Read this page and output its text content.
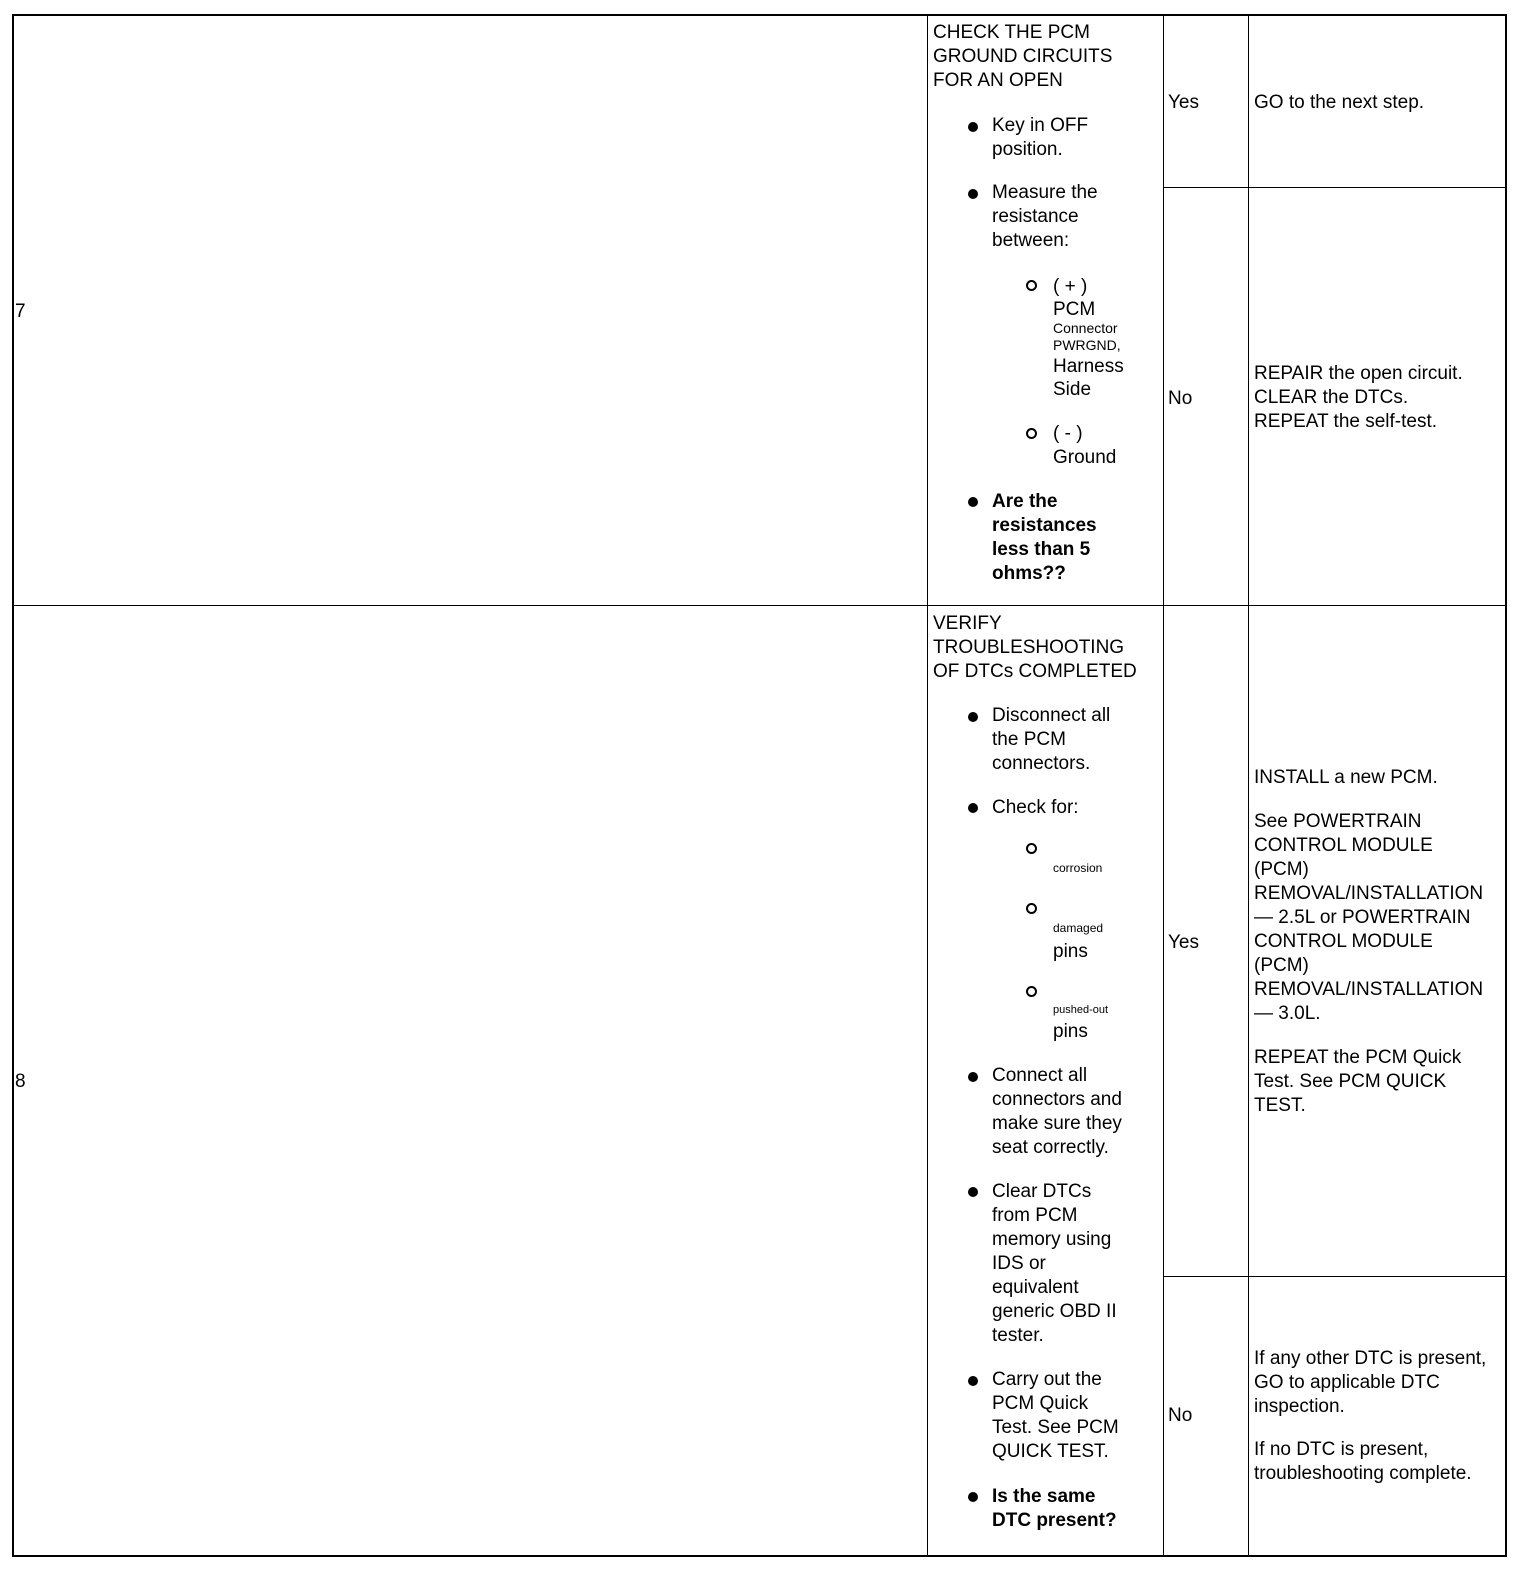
7
CHECK THE PCM
GROUND CIRCUITS
FOR AN OPEN
Key in OFF
position.
Measure the
resistance
between:
( + )
PCM
Connector
PWRGND,
Harness
Side
( - )
Ground
Are the
resistances
less than 5
ohms??
Yes	GO to the next step.
No
REPAIR the open circuit.
CLEAR the DTCs.
REPEAT the self-test.
8
VERIFY
TROUBLESHOOTING
OF DTCs COMPLETED
Disconnect all
the PCM
connectors.
Check for:
corrosion
damaged
pins
pushed-out
pins
Connect all
connectors and
make sure they
seat correctly.
Clear DTCs
from PCM
memory using
IDS or
equivalent
generic OBD II
tester.
Carry out the
PCM Quick
Test. See PCM
QUICK TEST.
Is the same
DTC present?
Yes
INSTALL a new PCM.
See POWERTRAIN
CONTROL MODULE
(PCM)
REMOVAL/INSTALLATION
— 2.5L or POWERTRAIN
CONTROL MODULE
(PCM)
REMOVAL/INSTALLATION
— 3.0L.
REPEAT the PCM Quick
Test. See PCM QUICK
TEST.
No
If any other DTC is present,
GO to applicable DTC
inspection.
If no DTC is present,
troubleshooting complete.
